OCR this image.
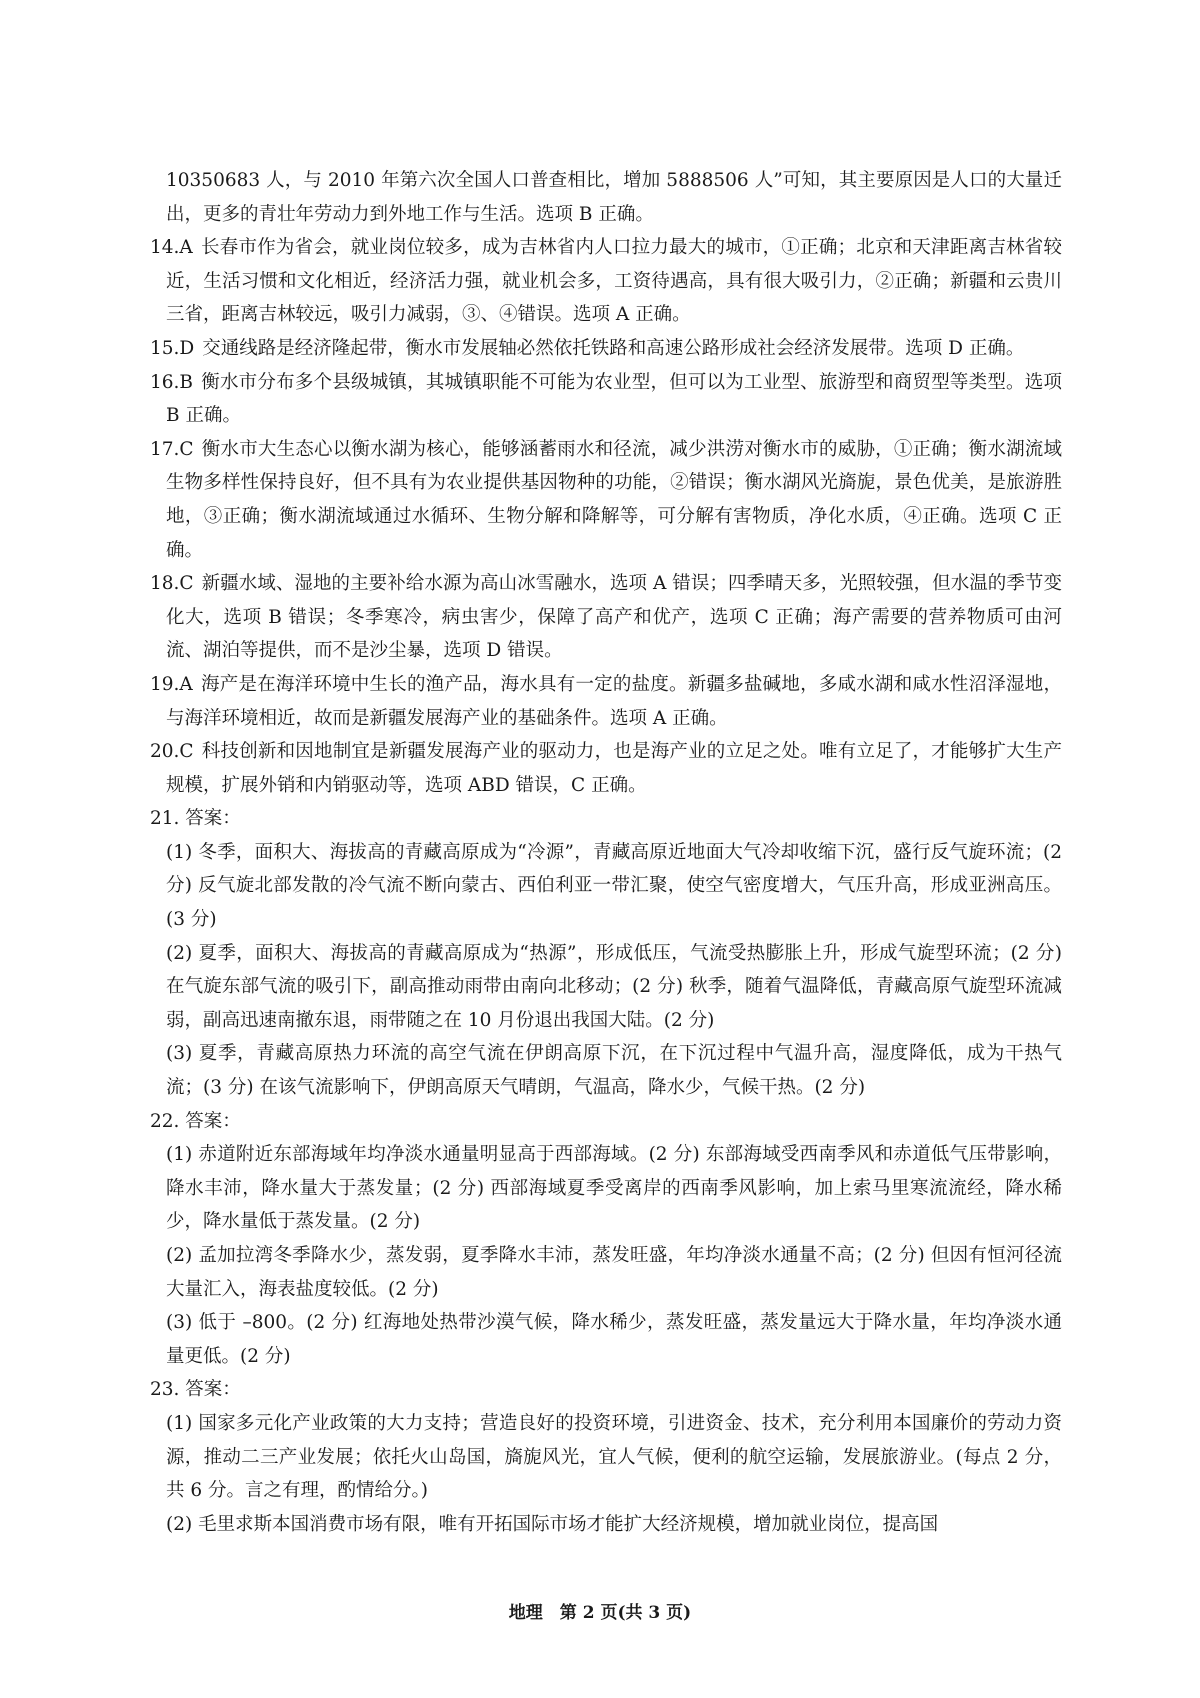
10350683 人，与 2010 年第六次全国人口普查相比，增加 5888506 人”可知，其主要原因是人口的大量迁出，更多的青壮年劳动力到外地工作与生活。选项 B 正确。

14.A 长春市作为省会，就业岗位较多，成为吉林省内人口拉力最大的城市，①正确；北京和天津距离吉林省较近，生活习惯和文化相近，经济活力强，就业机会多，工资待遇高，具有很大吸引力，②正确；新疆和云贵川三省，距离吉林较远，吸引力减弱，③、④错误。选项 A 正确。

15.D 交通线路是经济隆起带，衡水市发展轴必然依托铁路和高速公路形成社会经济发展带。选项 D 正确。

16.B 衡水市分布多个县级城镇，其城镇职能不可能为农业型，但可以为工业型、旅游型和商贸型等类型。选项 B 正确。

17.C 衡水市大生态心以衡水湖为核心，能够涵蓄雨水和径流，减少洪涝对衡水市的威胁，①正确；衡水湖流域生物多样性保持良好，但不具有为农业提供基因物种的功能，②错误；衡水湖风光旖旎，景色优美，是旅游胜地，③正确；衡水湖流域通过水循环、生物分解和降解等，可分解有害物质，净化水质，④正确。选项 C 正确。

18.C 新疆水域、湿地的主要补给水源为高山冰雪融水，选项 A 错误；四季晴天多，光照较强，但水温的季节变化大，选项 B 错误；冬季寒冷，病虫害少，保障了高产和优产，选项 C 正确；海产需要的营养物质可由河流、湖泊等提供，而不是沙尘暴，选项 D 错误。

19.A 海产是在海洋环境中生长的渔产品，海水具有一定的盐度。新疆多盐碱地，多咸水湖和咸水性沼泽湿地，与海洋环境相近，故而是新疆发展海产业的基础条件。选项 A 正确。

20.C 科技创新和因地制宜是新疆发展海产业的驱动力，也是海产业的立足之处。唯有立足了，才能够扩大生产规模，扩展外销和内销驱动等，选项 ABD 错误，C 正确。

21. 答案：

(1) 冬季，面积大、海拔高的青藏高原成为“冷源”，青藏高原近地面大气冷却收缩下沉，盛行反气旋环流；(2 分) 反气旋北部发散的冷气流不断向蒙古、西伯利亚一带汇聚，使空气密度增大，气压升高，形成亚洲高压。(3 分)

(2) 夏季，面积大、海拔高的青藏高原成为“热源”，形成低压，气流受热膨胀上升，形成气旋型环流；(2 分) 在气旋东部气流的吸引下，副高推动雨带由南向北移动；(2 分) 秋季，随着气温降低，青藏高原气旋型环流减弱，副高迅速南撤东退，雨带随之在 10 月份退出我国大陆。(2 分)

(3) 夏季，青藏高原热力环流的高空气流在伊朗高原下沉，在下沉过程中气温升高，湿度降低，成为干热气流；(3 分) 在该气流影响下，伊朗高原天气晴朗，气温高，降水少，气候干热。(2 分)

22. 答案：

(1) 赤道附近东部海域年均净淡水通量明显高于西部海域。(2 分) 东部海域受西南季风和赤道低气压带影响，降水丰沛，降水量大于蒸发量；(2 分) 西部海域夏季受离岸的西南季风影响，加上索马里寒流流经，降水稀少，降水量低于蒸发量。(2 分)

(2) 孟加拉湾冬季降水少，蒸发弱，夏季降水丰沛，蒸发旺盛，年均净淡水通量不高；(2 分) 但因有恒河径流大量汇入，海表盐度较低。(2 分)

(3) 低于 –800。(2 分) 红海地处热带沙漠气候，降水稀少，蒸发旺盛，蒸发量远大于降水量，年均净淡水通量更低。(2 分)

23. 答案：

(1) 国家多元化产业政策的大力支持；营造良好的投资环境，引进资金、技术，充分利用本国廉价的劳动力资源，推动二三产业发展；依托火山岛国，旖旎风光，宜人气候，便利的航空运输，发展旅游业。(每点 2 分，共 6 分。言之有理，酌情给分。)

(2) 毛里求斯本国消费市场有限，唯有开拓国际市场才能扩大经济规模，增加就业岗位，提高国

地理　第 2 页(共 3 页)
